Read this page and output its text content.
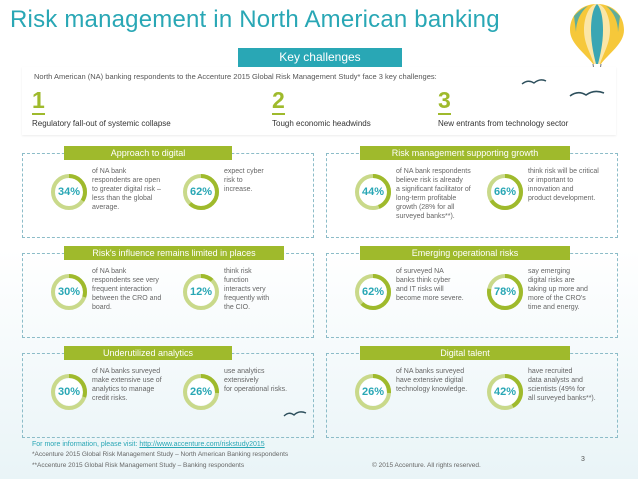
Risk management in North American banking
North American (NA) banking respondents to the Accenture 2015 Global Risk Management Study* face 3 key challenges:
1
Regulatory fall-out of systemic collapse
2
Tough economic headwinds
3
New entrants from technology sector
Key challenges
Approach to digital
34%
of NA bank
respondents are open
to greater digital risk –
less than the global
average.
62%
expect cyber
risk to
increase.
Risk management supporting growth
44%
of NA bank respondents
believe risk is already
a significant facilitator of
long-term profitable
growth (28% for all
surveyed banks**).
66%
think risk will be critical
or important to
innovation and
product development.
Risk's influence remains limited in places
30%
of NA bank
respondents see very
frequent interaction
between the CRO and
board.
12%
think risk
function
interacts very
frequently with
the CIO.
Emerging operational risks
62%
of surveyed NA
banks think cyber
and IT risks will
become more severe.
78%
say emerging
digital risks are
taking up more and
more of the CRO's
time and energy.
Underutilized analytics
30%
of NA banks surveyed
make extensive use of
analytics to manage
credit risks.
26%
use analytics
extensively
for operational risks.
Digital talent
26%
of NA banks surveyed
have extensive digital
technology knowledge.	42%
have recruited
data analysts and
scientists (49% for
all surveyed banks**).
For more information, please visit: http://www.accenture.com/riskstudy2015
*Accenture 2015 Global Risk Management Study – North American Banking respondents
**Accenture 2015 Global Risk Management Study – Banking respondents	© 2015 Accenture. All rights reserved.
3
